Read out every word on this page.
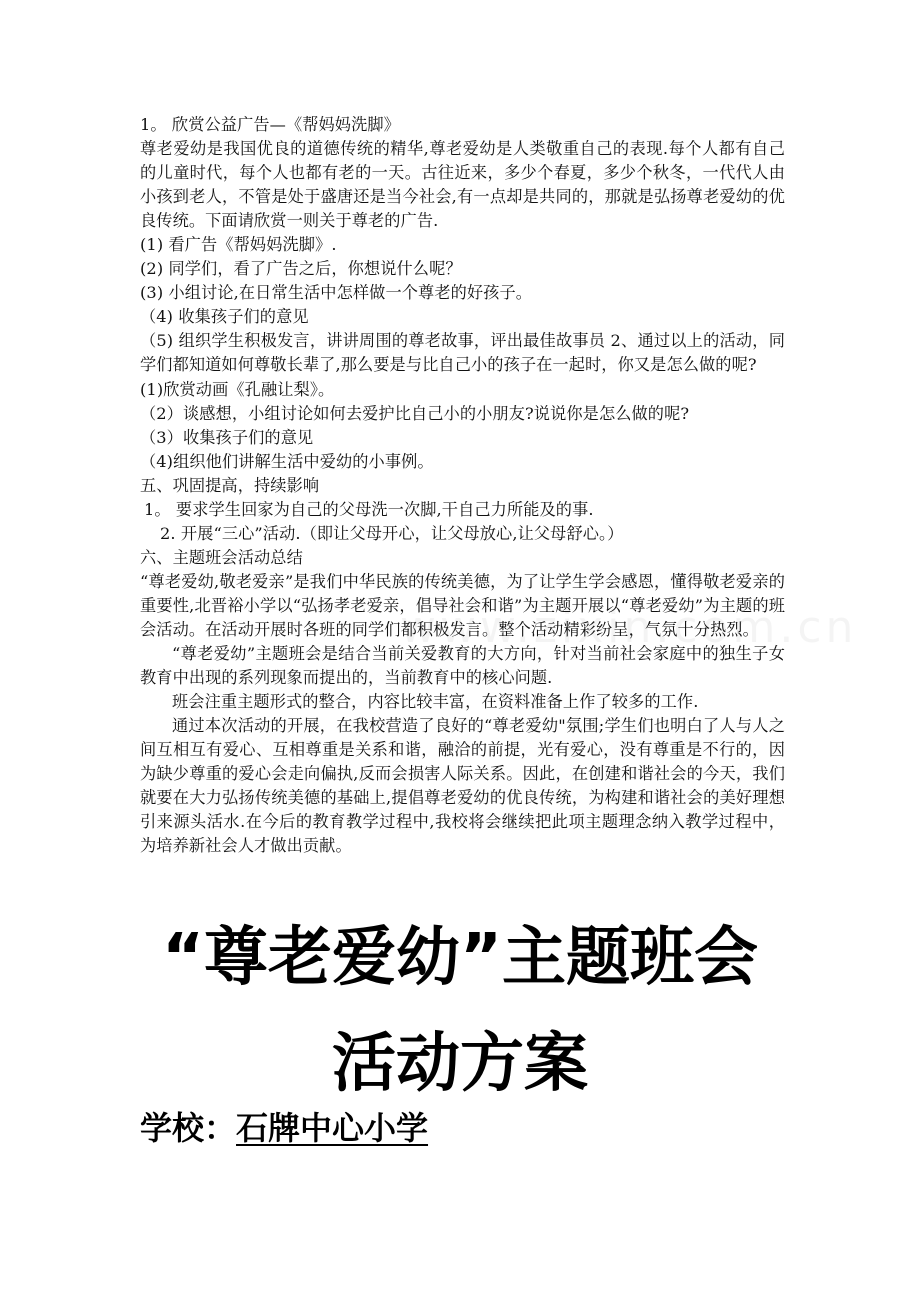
1。 欣赏公益广告—《帮妈妈洗脚》

尊老爱幼是我国优良的道德传统的精华,尊老爱幼是人类敬重自己的表现.每个人都有自己的儿童时代，每个人也都有老的一天。古往近来，多少个春夏，多少个秋冬，一代代人由小孩到老人，不管是处于盛唐还是当今社会,有一点却是共同的，那就是弘扬尊老爱幼的优良传统。下面请欣赏一则关于尊老的广告.

(1) 看广告《帮妈妈洗脚》.

(2) 同学们，看了广告之后，你想说什么呢？

(3) 小组讨论,在日常生活中怎样做一个尊老的好孩子。

（4) 收集孩子们的意见

（5) 组织学生积极发言，讲讲周围的尊老故事，评出最佳故事员 2、通过以上的活动，同学们都知道如何尊敬长辈了,那么要是与比自己小的孩子在一起时，你又是怎么做的呢?

(1)欣赏动画《孔融让梨》。

（2）谈感想，小组讨论如何去爱护比自己小的小朋友?说说你是怎么做的呢?

（3）收集孩子们的意见

（4)组织他们讲解生活中爱幼的小事例。

五、巩固提高，持续影响

1。 要求学生回家为自己的父母洗一次脚,干自己力所能及的事.

2. 开展“三心”活动.（即让父母开心，让父母放心,让父母舒心。）

六、主题班会活动总结

“尊老爱幼,敬老爱亲”是我们中华民族的传统美德，为了让学生学会感恩，懂得敬老爱亲的重要性,北晋裕小学以“弘扬孝老爱亲，倡导社会和谐”为主题开展以“尊老爱幼”为主题的班会活动。在活动开展时各班的同学们都积极发言。整个活动精彩纷呈，气氛十分热烈。

“尊老爱幼”主题班会是结合当前关爱教育的大方向，针对当前社会家庭中的独生子女教育中出现的系列现象而提出的，当前教育中的核心问题.

班会注重主题形式的整合，内容比较丰富，在资料准备上作了较多的工作.

通过本次活动的开展，在我校营造了良好的“尊老爱幼"氛围;学生们也明白了人与人之间互相互有爱心、互相尊重是关系和谐，融洽的前提，光有爱心，没有尊重是不行的，因为缺少尊重的爱心会走向偏执,反而会损害人际关系。因此，在创建和谐社会的今天，我们就要在大力弘扬传统美德的基础上,提倡尊老爱幼的优良传统，为构建和谐社会的美好理想引来源头活水.在今后的教育教学过程中,我校将会继续把此项主题理念纳入教学过程中，为培养新社会人才做出贡献。

“尊老爱幼”主题班会
活动方案
学校：石牌中心小学
